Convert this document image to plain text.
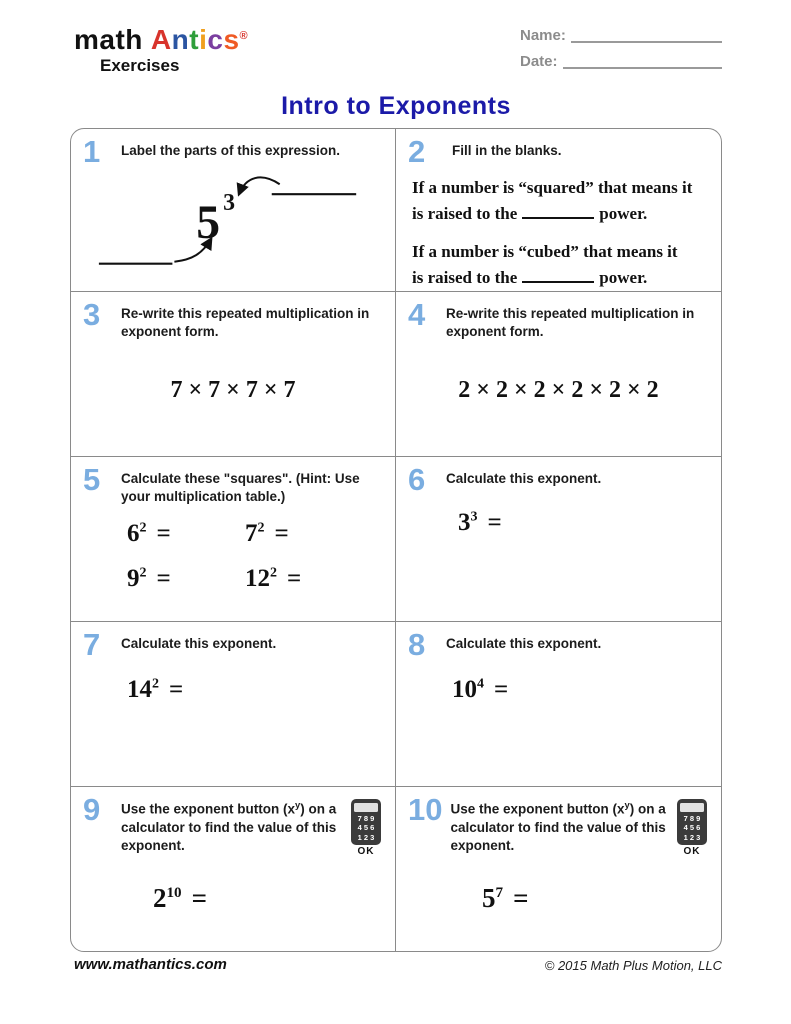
math Antics®
Exercises
Name:
Date:
Intro to Exponents
1	Label the parts of this expression.
5 3
2	Fill in the blanks.
If a number is “squared” that means it
is raised to the	power.
If a number is “cubed” that means it
is raised to the	power.
3	Re-write this repeated multiplication in exponent form.
7 × 7 × 7 × 7
4	Re-write this repeated multiplication in exponent form.
2 × 2 × 2 × 2 × 2 × 2
5	Calculate these "squares". (Hint: Use your multiplication table.)
$6^2$ =	$7^2$ =
$9^2$ =	$12^2$ =
6	Calculate this exponent.
$3^3$ =
7	Calculate this exponent.
$14^2$ =
8	Calculate this exponent.
$10^4$ =
9	Use the exponent button $(x^y)$ on a calculator to find the value of this exponent.
7 8 9
4 5 6
1 2 3
OK
$2^{10}$ =
10 Use the exponent button $(x^y)$ on a calculator to find the value of this exponent.
7 8 9
4 5 6
1 2 3
OK
$5^7$ =
www.mathantics.com	© 2015 Math Plus Motion, LLC
